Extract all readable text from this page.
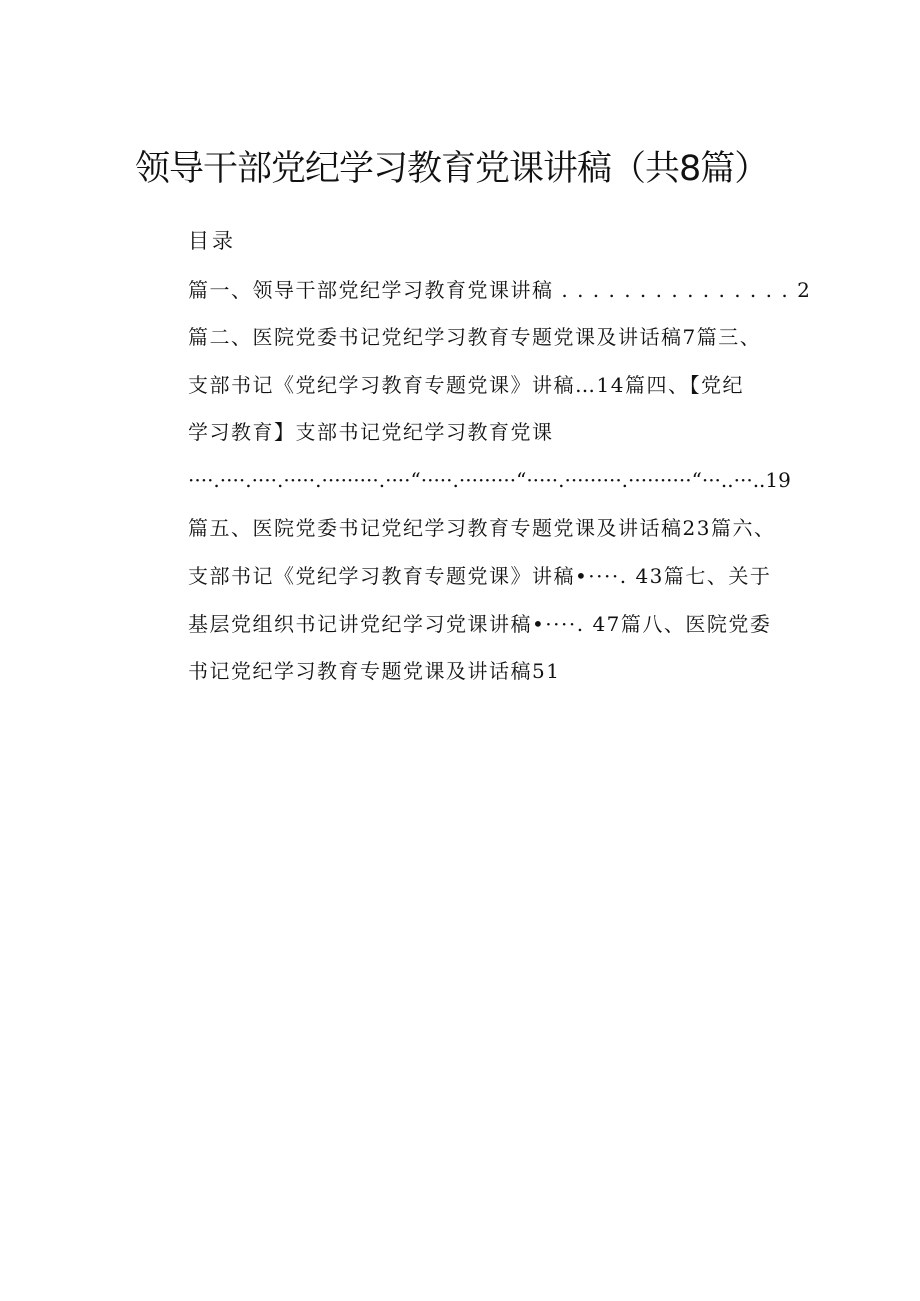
领导干部党纪学习教育党课讲稿（共8篇）
目录
篇一、领导干部党纪学习教育党课讲稿 . . . . . . . . . . . . . . . 2
篇二、医院党委书记党纪学习教育专题党课及讲话稿7篇三、
支部书记《党纪学习教育专题党课》讲稿…14篇四、【党纪
学习教育】支部书记党纪学习教育党课
····.····.····.·····.·········.····“·····.·········“·····.·········.··········“···..···..19
篇五、医院党委书记党纪学习教育专题党课及讲话稿23篇六、
支部书记《党纪学习教育专题党课》讲稿•····. 43篇七、关于
基层党组织书记讲党纪学习党课讲稿•····. 47篇八、医院党委
书记党纪学习教育专题党课及讲话稿51
